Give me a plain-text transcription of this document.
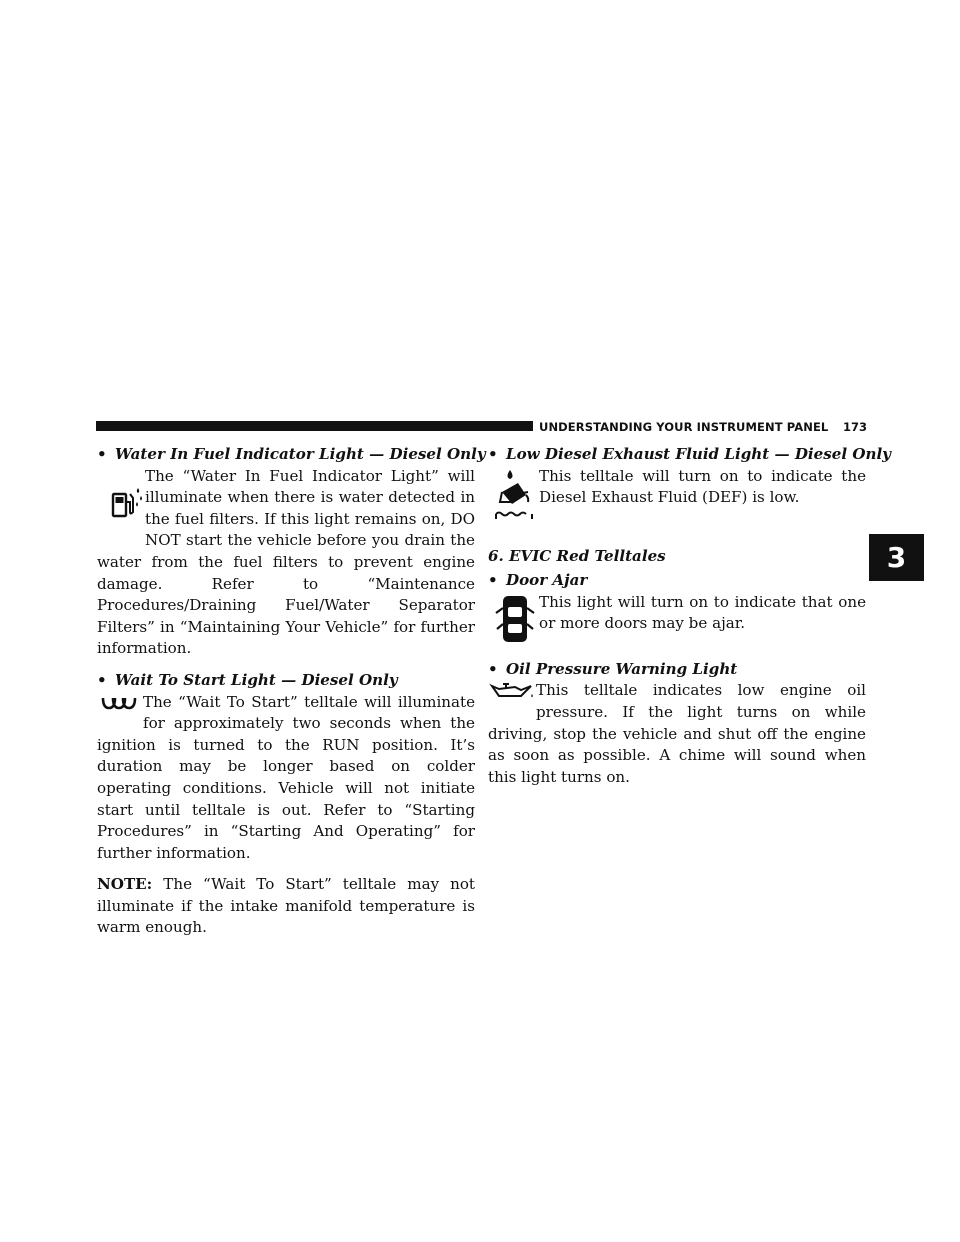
UNDERSTANDING YOUR INSTRUMENT PANEL 173
3
• Water In Fuel Indicator Light — Diesel Only

The “Water In Fuel Indicator Light” will illuminate when there is water detected in the fuel filters. If this light remains on, DO NOT start the vehicle before you drain the water from the fuel filters to prevent engine damage. Refer to “Maintenance Procedures/Draining Fuel/Water Separator Filters” in “Maintaining Your Vehicle” for further information.

• Wait To Start Light — Diesel Only

The “Wait To Start” telltale will illuminate for approximately two seconds when the ignition is turned to the RUN position. It’s duration may be longer based on colder operating conditions. Vehicle will not initiate start until telltale is out. Refer to “Starting Procedures” in “Starting And Operating” for further information.

NOTE: The “Wait To Start” telltale may not illuminate if the intake manifold temperature is warm enough.

• Low Diesel Exhaust Fluid Light — Diesel Only

This telltale will turn on to indicate the Diesel Exhaust Fluid (DEF) is low.

6. EVIC Red Telltales
• Door Ajar

This light will turn on to indicate that one or more doors may be ajar.

• Oil Pressure Warning Light

This telltale indicates low engine oil pressure. If the light turns on while driving, stop the vehicle and shut off the engine as soon as possible. A chime will sound when this light turns on.
